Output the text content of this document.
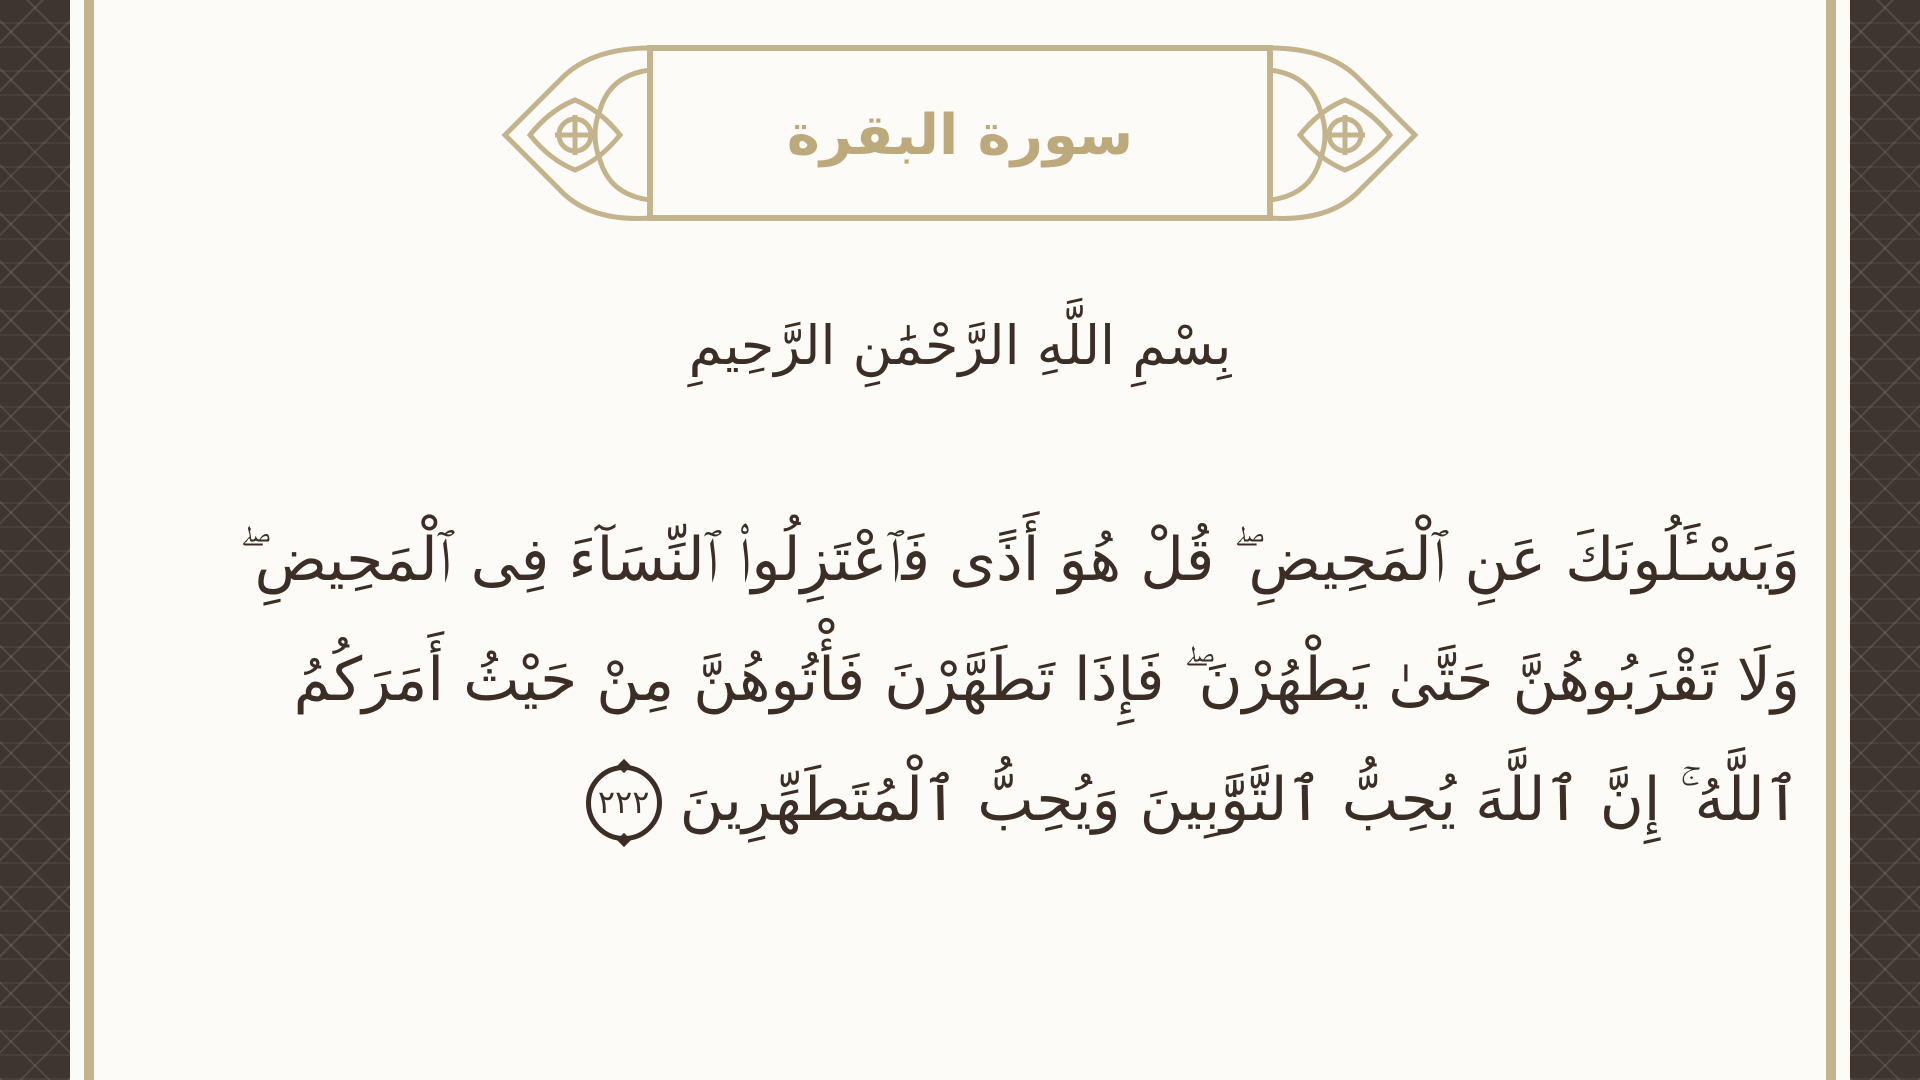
سورة البقرة
بِسْمِ اللَّهِ الرَّحْمَٰنِ الرَّحِيمِ
وَيَسْـَٔلُونَكَ عَنِ ٱلْمَحِيضِ ۖ قُلْ هُوَ أَذًى فَٱعْتَزِلُوا۟ ٱلنِّسَآءَ فِى ٱلْمَحِيضِ ۖ
وَلَا تَقْرَبُوهُنَّ حَتَّىٰ يَطْهُرْنَ ۖ فَإِذَا تَطَهَّرْنَ فَأْتُوهُنَّ مِنْ حَيْثُ أَمَرَكُمُ
ٱللَّهُ ۚ إِنَّ ٱللَّهَ يُحِبُّ ٱلتَّوَّٰبِينَ وَيُحِبُّ ٱلْمُتَطَهِّرِينَ٢٢٢
